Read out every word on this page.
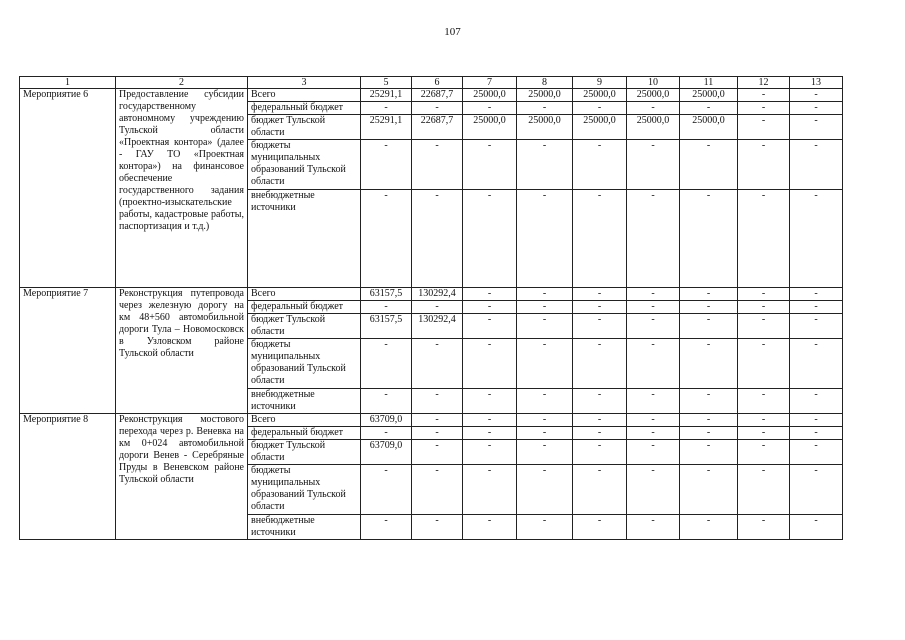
107
1	2	3	5	6	7	8	9	10	11	12	13
Мероприятие 6	Предоставление субсидии государственному автономному учреждению Тульской области «Проектная контора» (далее - ГАУ ТО «Проектная контора») на финансовое обеспечение государственного задания (проектно-изыскательские работы, кадастровые работы, паспортизация и т.д.)	Всего	25291,1	22687,7	25000,0	25000,0	25000,0	25000,0	25000,0	-	-
		федеральный бюджет	-	-	-	-	-	-	-	-	-
		бюджет Тульской области	25291,1	22687,7	25000,0	25000,0	25000,0	25000,0	25000,0	-	-
		бюджеты муниципальных образований Тульской области	-	-	-	-	-	-	-	-	-
		внебюджетные источники	-	-	-	-	-	-	-	-	-
Мероприятие 7	Реконструкция путепровода через железную дорогу на км 48+560 автомобильной дороги Тула – Новомосковск в Узловском районе Тульской области	Всего	63157,5	130292,4	-	-	-	-	-	-	-
		федеральный бюджет	-	-	-	-	-	-	-	-	-
		бюджет Тульской области	63157,5	130292,4	-	-	-	-	-	-	-
		бюджеты муниципальных образований Тульской области	-	-	-	-	-	-	-	-	-
		внебюджетные источники	-	-	-	-	-	-	-	-	-
Мероприятие 8	Реконструкция мостового перехода через р. Веневка на км 0+024 автомобильной дороги Венев - Серебряные Пруды в Веневском районе Тульской области	Всего	63709,0	-	-	-	-	-	-	-	-
		федеральный бюджет	-	-	-	-	-	-	-	-	-
		бюджет Тульской области	63709,0	-	-	-	-	-	-	-	-
		бюджеты муниципальных образований Тульской области	-	-	-	-	-	-	-	-	-
		внебюджетные источники	-	-	-	-	-	-	-	-	-
